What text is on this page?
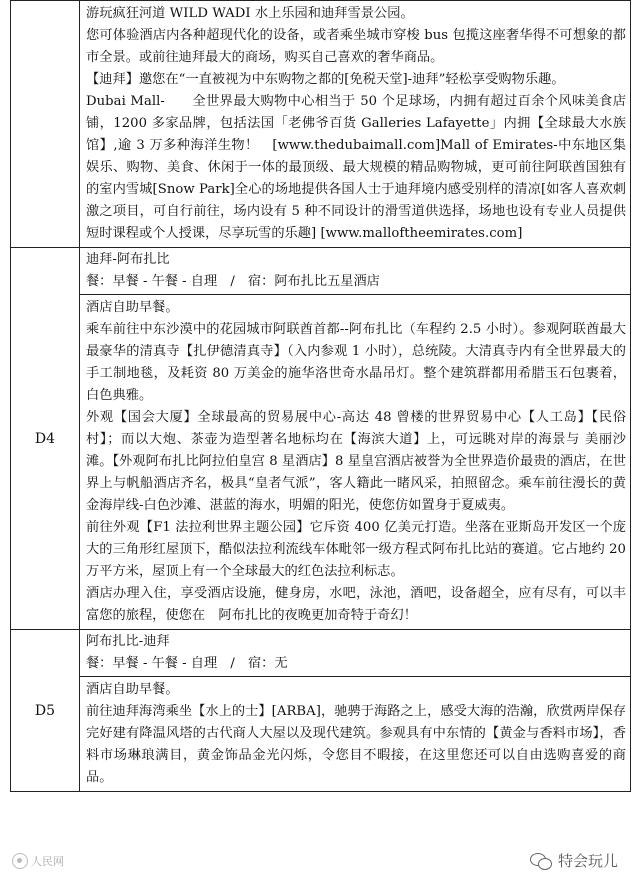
	游玩疯狂河道 WILD WADI 水上乐园和迪拜雪景公园。

您可体验酒店内各种超现代化的设备，或者乘坐城市穿梭 bus 包揽这座奢华得不可想象的都市全景。或前往迪拜最大的商场，购买自己喜欢的奢华商品。

【迪拜】邀您在“一直被视为中东购物之都的[免税天堂]-迪拜”轻松享受购物乐趣。

Dubai Mall-　　全世界最大购物中心相当于 50 个足球场，内拥有超过百余个风味美食店铺，1200 多家品牌，包括法国「老佛爷百货 Galleries Lafayette」内拥【全球最大水族馆】,逾 3 万多种海洋生物！　[www.thedubaimall.com]Mall of Emirates-中东地区集娱乐、购物、美食、休闲于一体的最顶级、最大规模的精品购物城，更可前往阿联酋国独有的室内雪城[Snow Park]全心的场地提供各国人士于迪拜境内感受别样的清凉[如客人喜欢刺激之项目，可自行前往，场内设有 5 种不同设计的滑雪道供选择，场地也设有专业人员提供短时课程或个人授课，尽享玩雪的乐趣] [www.malloftheemirates.com]

D4	迪拜-阿布扎比

餐：早餐 - 午餐 - 自理　/　宿：阿布扎比五星酒店

	酒店自助早餐。

乘车前往中东沙漠中的花园城市阿联酋首都--阿布扎比（车程约 2.5 小时）。参观阿联酋最大最豪华的清真寺【扎伊德清真寺】（入内参观 1 小时），总统陵。大清真寺内有全世界最大的手工制地毯，及耗资 80 万美金的施华洛世奇水晶吊灯。整个建筑群都用希腊玉石包裹着，白色典雅。

外观【国会大厦】全球最高的贸易展中心-高达 48 曾楼的世界贸易中心【人工岛】【民俗村】；而以大炮、茶壶为造型著名地标均在【海滨大道】上，可远眺对岸的海景与 美丽沙滩。【外观阿布扎比阿拉伯皇宫 8 星酒店】8 星皇宫酒店被誉为全世界造价最贵的酒店，在世界上与帆船酒店齐名，极具“皇者气派”，客人籍此一睹风采，拍照留念。乘车前往漫长的黄金海岸线-白色沙滩、湛蓝的海水，明媚的阳光，使您仿如置身于夏威夷。

前往外观【F1 法拉利世界主题公园】它斥资 400 亿美元打造。坐落在亚斯岛开发区一个庞大的三角形红屋顶下，酷似法拉利流线车体毗邻一级方程式阿布扎比站的赛道。它占地约 20 万平方米，屋顶上有一个全球最大的红色法拉利标志。

酒店办理入住，享受酒店设施，健身房，水吧，泳池，酒吧，设备超全，应有尽有，可以丰富您的旅程，使您在　阿布扎比的夜晚更加奇特于奇幻！

D5	阿布扎比-迪拜

餐：早餐 - 午餐 - 自理　/　宿：无

	酒店自助早餐。

前往迪拜海湾乘坐【水上的士】[ARBA]，驰骋于海路之上，感受大海的浩瀚，欣赏两岸保存完好建有降温风塔的古代商人大屋以及现代建筑。参观具有中东情的【黄金与香料市场】，香料市场琳琅满目，黄金饰品金光闪烁，令您目不暇接，在这里您还可以自由选购喜爱的商品。

人民网	特会玩儿
